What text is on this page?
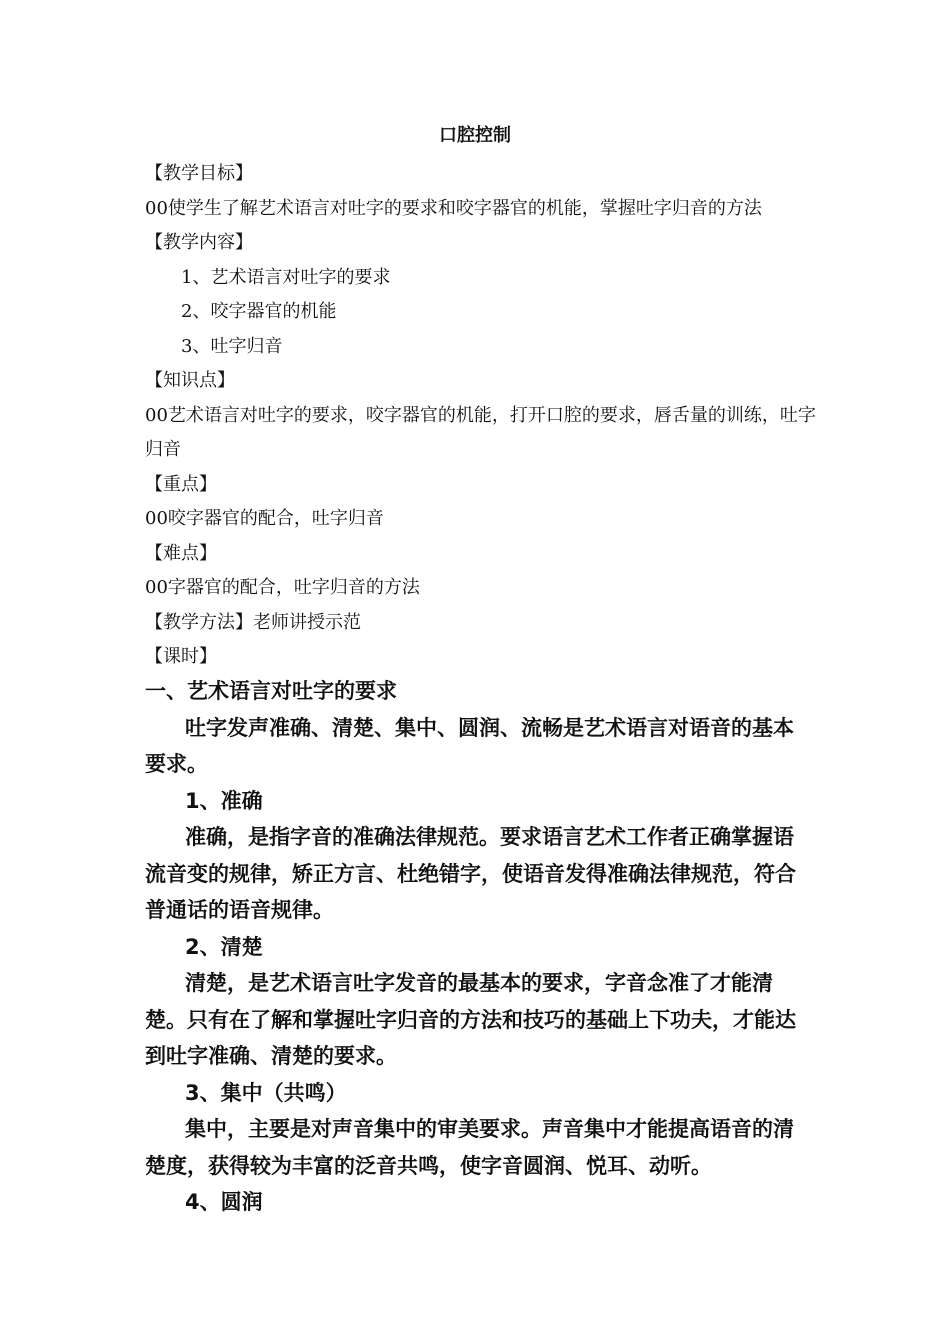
口腔控制

【教学目标】

00使学生了解艺术语言对吐字的要求和咬字器官的机能，掌握吐字归音的方法

【教学内容】

1、艺术语言对吐字的要求

2、咬字器官的机能

3、吐字归音

【知识点】

00艺术语言对吐字的要求，咬字器官的机能，打开口腔的要求，唇舌量的训练，吐字归音

【重点】

00咬字器官的配合，吐字归音

【难点】

00字器官的配合，吐字归音的方法

【教学方法】老师讲授示范

【课时】

一、艺术语言对吐字的要求

吐字发声准确、清楚、集中、圆润、流畅是艺术语言对语音的基本要求。

1、准确

准确，是指字音的准确法律规范。要求语言艺术工作者正确掌握语流音变的规律，矫正方言、杜绝错字，使语音发得准确法律规范，符合普通话的语音规律。

2、清楚

清楚，是艺术语言吐字发音的最基本的要求，字音念准了才能清楚。只有在了解和掌握吐字归音的方法和技巧的基础上下功夫，才能达到吐字准确、清楚的要求。

3、集中（共鸣）

集中，主要是对声音集中的审美要求。声音集中才能提高语音的清楚度，获得较为丰富的泛音共鸣，使字音圆润、悦耳、动听。

4、圆润
